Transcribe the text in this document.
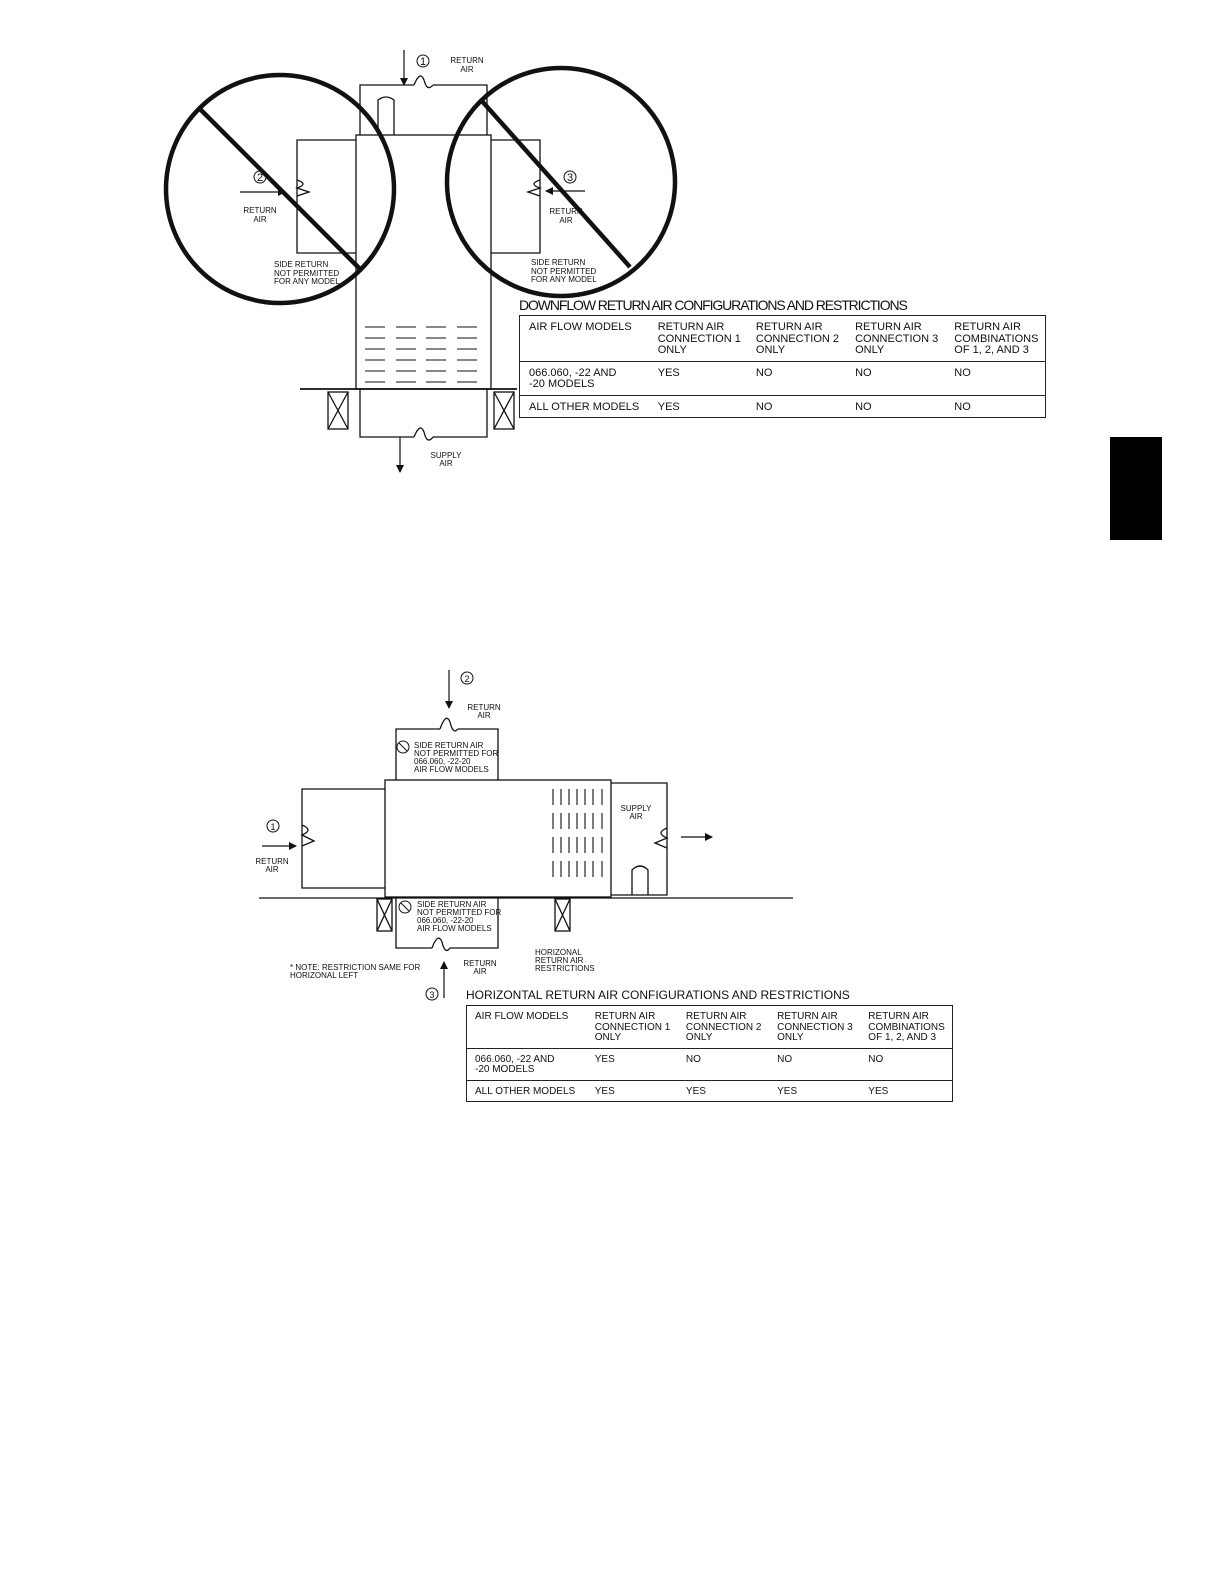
1
2	3
RETURN
AIR
RETURN
AIR
RETURN
AIR
SIDE RETURN
NOT PERMITTED
FOR ANY MODEL
SIDE RETURN
NOT PERMITTED
FOR ANY MODEL
SUPPLY
AIR
2
1
3
RETURN
AIR
RETURN
AIR
RETURN
AIR
SUPPLY
AIR
SIDE RETURN AIR
NOT PERMITTED FOR
066.060, -22-20
AIR FLOW MODELS
SIDE RETURN AIR
NOT PERMITTED FOR
066.060, -22-20
AIR FLOW MODELS
* NOTE: RESTRICTION SAME FOR
HORIZONAL LEFT
HORIZONAL
RETURN AIR
RESTRICTIONS
DOWNFLOW RETURN AIR CONFIGURATIONS AND RESTRICTIONS
AIR FLOW MODELS	RETURN AIR
CONNECTION 1
ONLY	RETURN AIR
CONNECTION 2
ONLY	RETURN AIR
CONNECTION 3
ONLY	RETURN AIR
COMBINATIONS
OF 1, 2, AND 3

066.060, -22 AND
-20 MODELS	YES	NO	NO	NO

ALL OTHER MODELS	YES	NO	NO	NO
HORIZONTAL RETURN AIR CONFIGURATIONS AND RESTRICTIONS
AIR FLOW MODELS	RETURN AIR
CONNECTION 1
ONLY	RETURN AIR
CONNECTION 2
ONLY	RETURN AIR
CONNECTION 3
ONLY	RETURN AIR
COMBINATIONS
OF 1, 2, AND 3

066.060, -22 AND
-20 MODELS	YES	NO	NO	NO

ALL OTHER MODELS	YES	YES	YES	YES
